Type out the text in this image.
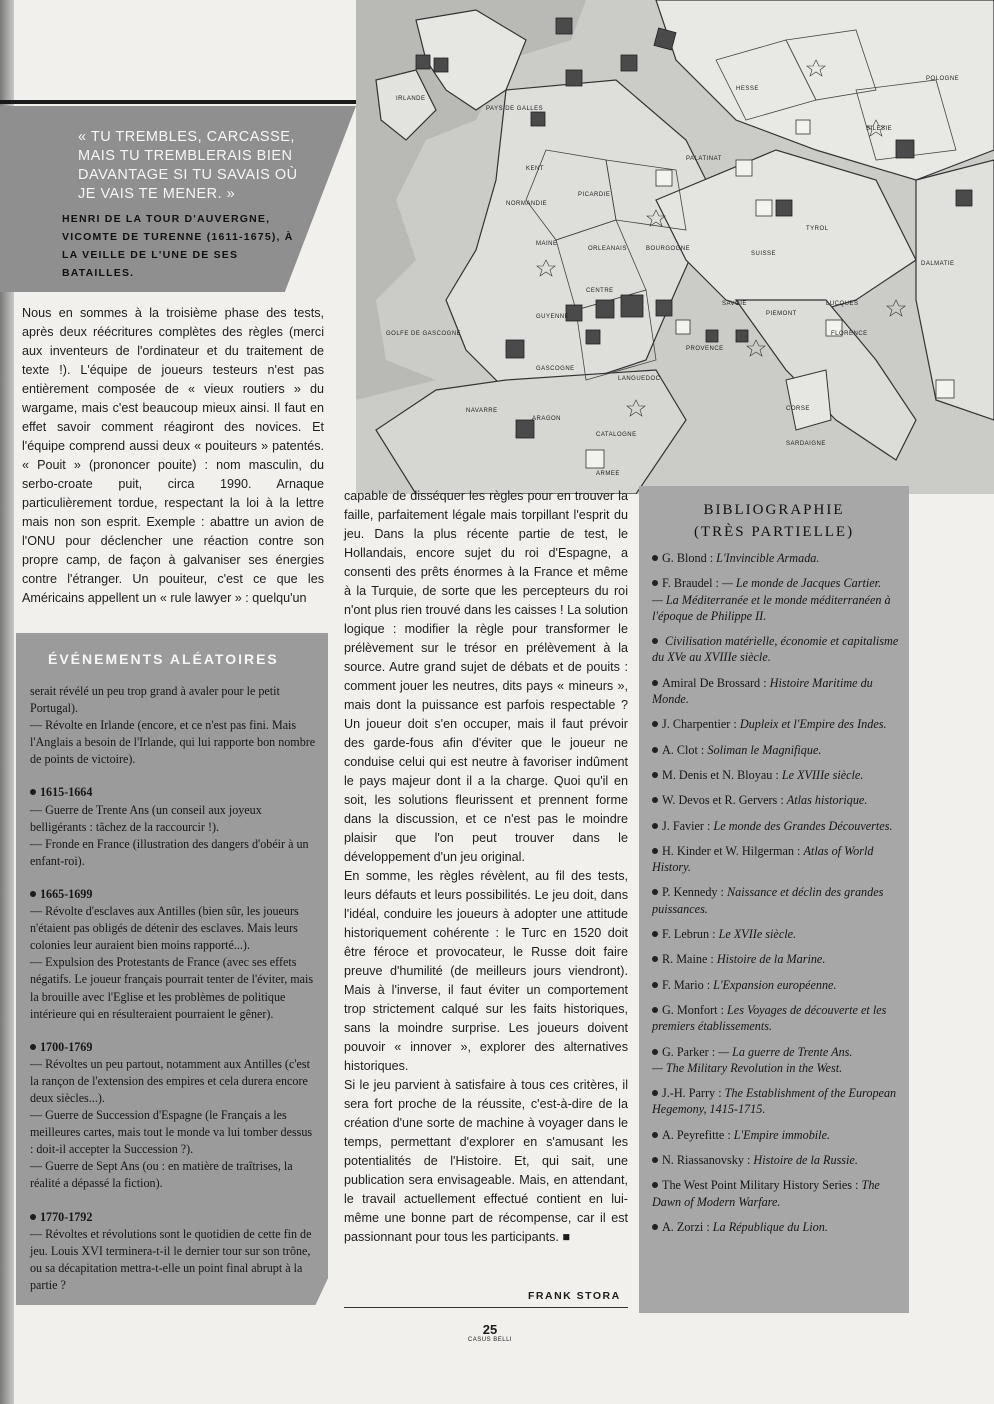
« TU TREMBLES, CARCASSE, MAIS TU TREMBLERAIS BIEN DAVANTAGE SI TU SAVAIS OÙ JE VAIS TE MENER. »
HENRI DE LA TOUR D'AUVERGNE, VICOMTE DE TURENNE (1611-1675), À LA VEILLE DE L'UNE DE SES BATAILLES.
IRLANDE
PAYS DE GALLES
KENT
NORMANDIE
PICARDIE
MAINE
ORLEANAIS
CENTRE
GUYENNE
GASCOGNE
LANGUEDOC
PROVENCE
BOURGOGNE
SAVOIE
PIEMONT
LUCQUES
FLORENCE
CORSE
NAVARRE
ARAGON
CATALOGNE
ARMEE
GOLFE DE GASCOGNE
SARDAIGNE
HESSE
PALATINAT
SUISSE
DALMATIE
TYROL
POLOGNE
SILESIE

Nous en sommes à la troisième phase des tests, après deux réécritures complètes des règles (merci aux inventeurs de l'ordinateur et du traitement de texte !). L'équipe de joueurs testeurs n'est pas entièrement composée de « vieux routiers » du wargame, mais c'est beaucoup mieux ainsi. Il faut en effet savoir comment réagiront des novices. Et l'équipe comprend aussi deux « pouiteurs » patentés. « Pouit » (prononcer pouite) : nom masculin, du serbo-croate puit, circa 1990. Arnaque particulièrement tordue, respectant la loi à la lettre mais non son esprit. Exemple : abattre un avion de l'ONU pour déclencher une réaction contre son propre camp, de façon à galvaniser ses énergies contre l'étranger. Un pouiteur, c'est ce que les Américains appellent un « rule lawyer » : quelqu'un

capable de disséquer les règles pour en trouver la faille, parfaitement légale mais torpillant l'esprit du jeu. Dans la plus récente partie de test, le Hollandais, encore sujet du roi d'Espagne, a consenti des prêts énormes à la France et même à la Turquie, de sorte que les percepteurs du roi n'ont plus rien trouvé dans les caisses ! La solution logique : modifier la règle pour transformer le prélèvement sur le trésor en prélèvement à la source. Autre grand sujet de débats et de pouits : comment jouer les neutres, dits pays « mineurs », mais dont la puissance est parfois respectable ? Un joueur doit s'en occuper, mais il faut prévoir des garde-fous afin d'éviter que le joueur ne conduise celui qui est neutre à favoriser indûment le pays majeur dont il a la charge. Quoi qu'il en soit, les solutions fleurissent et prennent forme dans la discussion, et ce n'est pas le moindre plaisir que l'on peut trouver dans le développement d'un jeu original.

En somme, les règles révèlent, au fil des tests, leurs défauts et leurs possibilités. Le jeu doit, dans l'idéal, conduire les joueurs à adopter une attitude historiquement cohérente : le Turc en 1520 doit être féroce et provocateur, le Russe doit faire preuve d'humilité (de meilleurs jours viendront). Mais à l'inverse, il faut éviter un comportement trop strictement calqué sur les faits historiques, sans la moindre surprise. Les joueurs doivent pouvoir « innover », explorer des alternatives historiques.

Si le jeu parvient à satisfaire à tous ces critères, il sera fort proche de la réussite, c'est-à-dire de la création d'une sorte de machine à voyager dans le temps, permettant d'explorer en s'amusant les potentialités de l'Histoire. Et, qui sait, une publication sera envisageable. Mais, en attendant, le travail actuellement effectué contient en lui-même une bonne part de récompense, car il est passionnant pour tous les participants. ■

ÉVÉNEMENTS ALÉATOIRES
serait révélé un peu trop grand à avaler pour le petit Portugal).
— Révolte en Irlande (encore, et ce n'est pas fini. Mais l'Anglais a besoin de l'Irlande, qui lui rapporte bon nombre de points de victoire).
1615-1664
— Guerre de Trente Ans (un conseil aux joyeux belligérants : tâchez de la raccourcir !).
— Fronde en France (illustration des dangers d'obéir à un enfant-roi).
1665-1699
— Révolte d'esclaves aux Antilles (bien sûr, les joueurs n'étaient pas obligés de détenir des esclaves. Mais leurs colonies leur auraient bien moins rapporté...).
— Expulsion des Protestants de France (avec ses effets négatifs. Le joueur français pourrait tenter de l'éviter, mais la brouille avec l'Eglise et les problèmes de politique intérieure qui en résulteraient pourraient le gêner).
1700-1769
— Révoltes un peu partout, notamment aux Antilles (c'est la rançon de l'extension des empires et cela durera encore deux siècles...).
— Guerre de Succession d'Espagne (le Français a les meilleures cartes, mais tout le monde va lui tomber dessus : doit-il accepter la Succession ?).
— Guerre de Sept Ans (ou : en matière de traîtrises, la réalité a dépassé la fiction).
1770-1792
— Révoltes et révolutions sont le quotidien de cette fin de jeu. Louis XVI terminera-t-il le dernier tour sur son trône, ou sa décapitation mettra-t-elle un point final abrupt à la partie ?
BIBLIOGRAPHIE
(TRÈS PARTIELLE)
G. Blond : L'Invincible Armada.
F. Braudel : — Le monde de Jacques Cartier.
— La Méditerranée et le monde méditerranéen à l'époque de Philippe II.
Civilisation matérielle, économie et capitalisme du XVe au XVIIIe siècle.
Amiral De Brossard : Histoire Maritime du Monde.
J. Charpentier : Dupleix et l'Empire des Indes.
A. Clot : Soliman le Magnifique.
M. Denis et N. Bloyau : Le XVIIIe siècle.
W. Devos et R. Gervers : Atlas historique.
J. Favier : Le monde des Grandes Découvertes.
H. Kinder et W. Hilgerman : Atlas of World History.
P. Kennedy : Naissance et déclin des grandes puissances.
F. Lebrun : Le XVIIe siècle.
R. Maine : Histoire de la Marine.
F. Mario : L'Expansion européenne.
G. Monfort : Les Voyages de découverte et les premiers établissements.
G. Parker : — La guerre de Trente Ans.
— The Military Revolution in the West.
J.-H. Parry : The Establishment of the European Hegemony, 1415-1715.
A. Peyrefitte : L'Empire immobile.
N. Riassanovsky : Histoire de la Russie.
The West Point Military History Series : The Dawn of Modern Warfare.
A. Zorzi : La République du Lion.
FRANK STORA
25
CASUS BELLI
